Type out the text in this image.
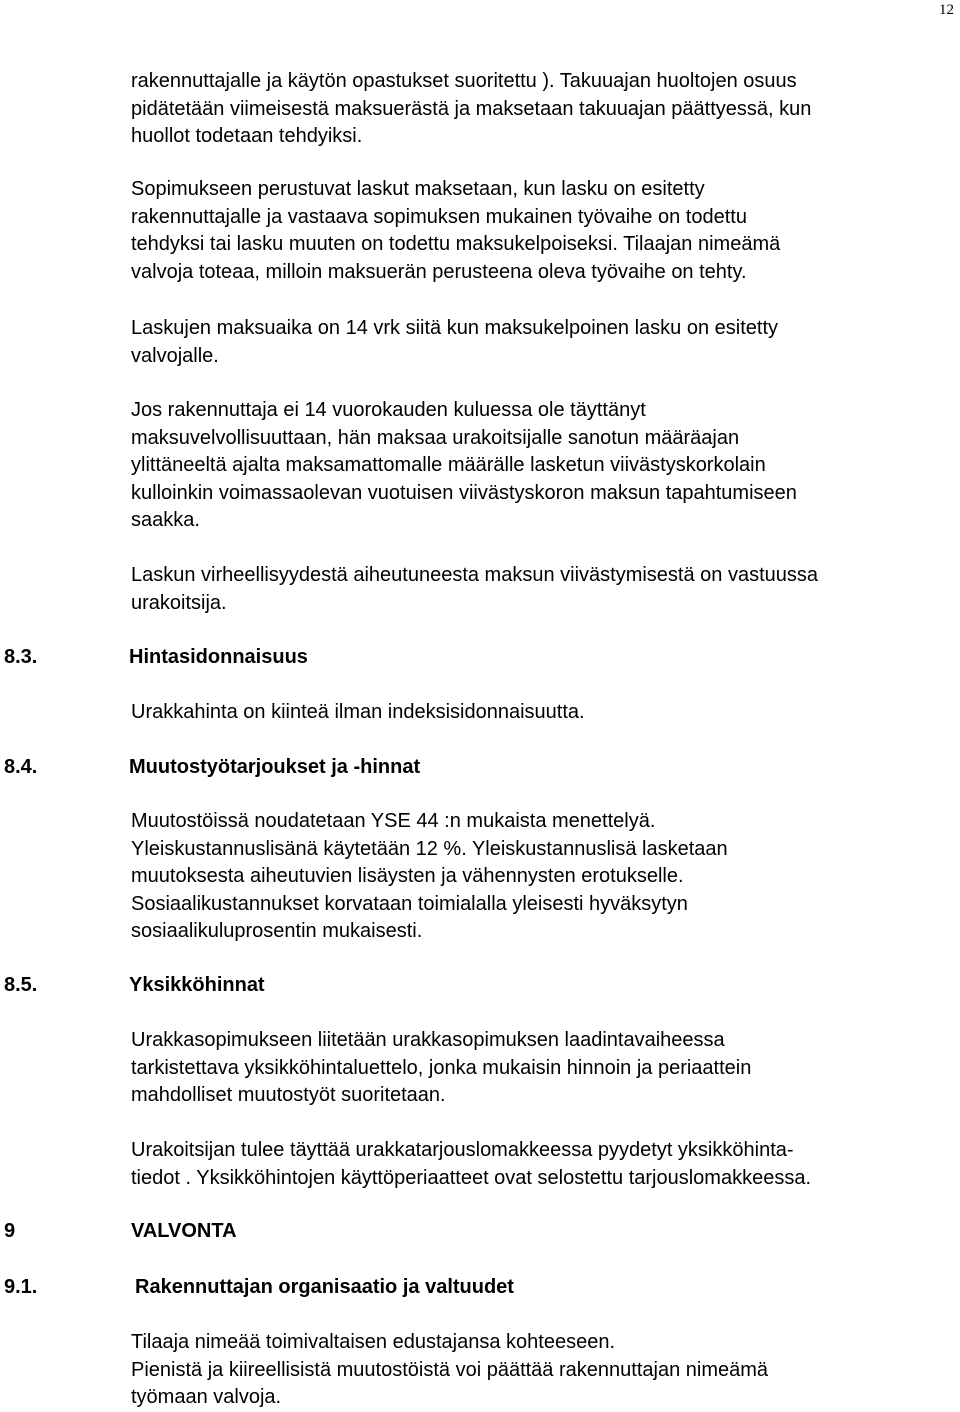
12
rakennuttajalle ja käytön opastukset suoritettu ). Takuuajan huoltojen osuus
pidätetään viimeisestä maksuerästä ja maksetaan takuuajan päättyessä, kun
huollot todetaan tehdyiksi.
Sopimukseen perustuvat laskut maksetaan, kun lasku on esitetty
rakennuttajalle ja vastaava sopimuksen mukainen työvaihe on todettu
tehdyksi tai lasku muuten on todettu maksukelpoiseksi. Tilaajan nimeämä
valvoja toteaa, milloin maksuerän perusteena oleva työvaihe on tehty.
Laskujen maksuaika on 14 vrk siitä kun maksukelpoinen lasku on esitetty
valvojalle.
Jos rakennuttaja ei 14 vuorokauden kuluessa ole täyttänyt
maksuvelvollisuuttaan, hän maksaa urakoitsijalle sanotun määräajan
ylittäneeltä ajalta maksamattomalle määrälle lasketun viivästyskorkolain
kulloinkin voimassaolevan vuotuisen viivästyskoron maksun tapahtumiseen
saakka.
Laskun virheellisyydestä aiheutuneesta maksun viivästymisestä on vastuussa
urakoitsija.
8.3.	Hintasidonnaisuus
Urakkahinta on kiinteä ilman indeksisidonnaisuutta.
8.4.	Muutostyötarjoukset ja -hinnat
Muutostöissä noudatetaan YSE 44 :n mukaista menettelyä.
Yleiskustannuslisänä käytetään 12 %. Yleiskustannuslisä lasketaan
muutoksesta aiheutuvien lisäysten ja vähennysten erotukselle.
Sosiaalikustannukset korvataan toimialalla yleisesti hyväksytyn
sosiaalikuluprosentin mukaisesti.
8.5.	Yksikköhinnat
Urakkasopimukseen liitetään urakkasopimuksen laadintavaiheessa
tarkistettava yksikköhintaluettelo, jonka mukaisin hinnoin ja periaattein
mahdolliset muutostyöt suoritetaan.
Urakoitsijan tulee täyttää urakkatarjouslomakkeessa pyydetyt yksikköhinta-
tiedot . Yksikköhintojen käyttöperiaatteet ovat selostettu tarjouslomakkeessa.
9	VALVONTA
9.1.	Rakennuttajan organisaatio ja valtuudet
Tilaaja nimeää toimivaltaisen edustajansa kohteeseen.
Pienistä ja kiireellisistä muutostöistä voi päättää rakennuttajan nimeämä
työmaan valvoja.
